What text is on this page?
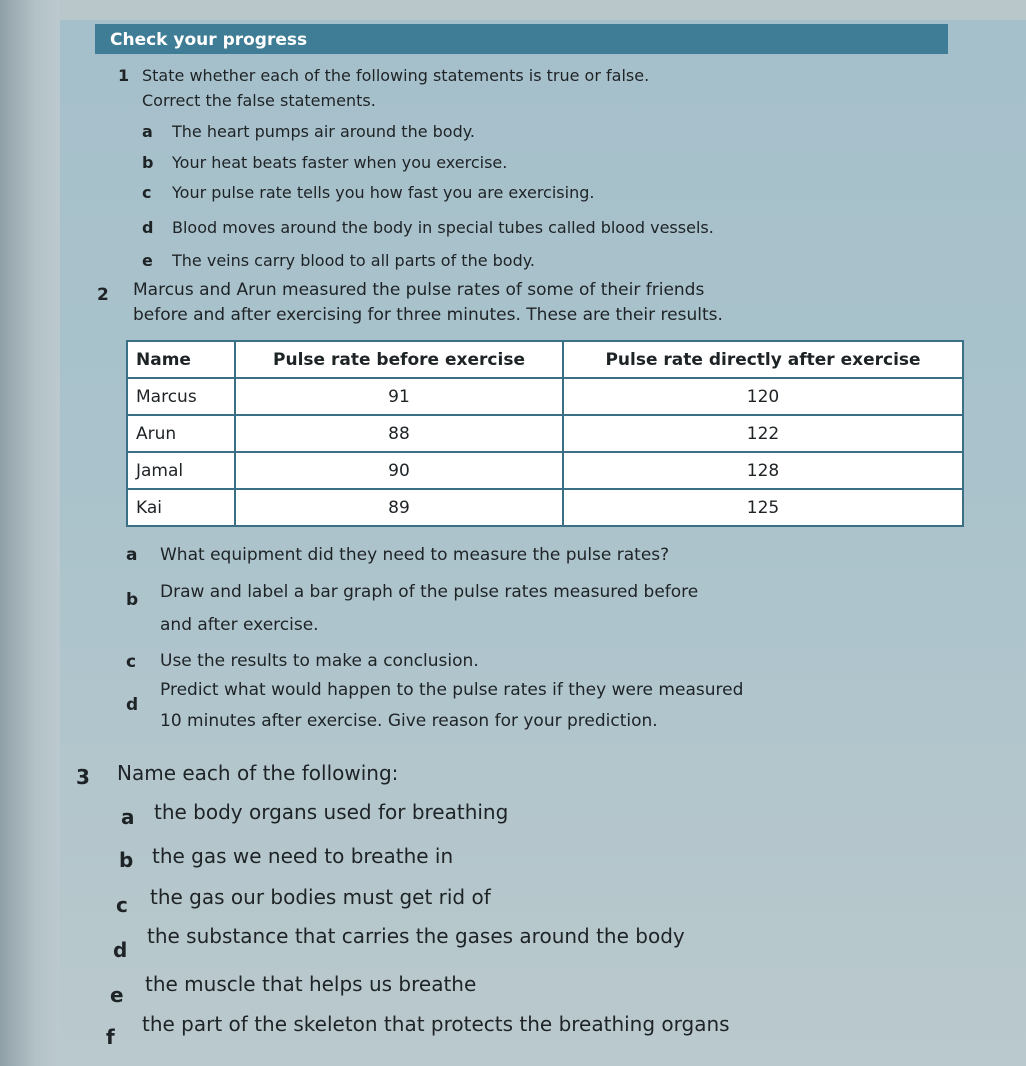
Check your progress
1 State whether each of the following statements is true or false.
Correct the false statements.
a The heart pumps air around the body.
b Your heat beats faster when you exercise.
c Your pulse rate tells you how fast you are exercising.
d Blood moves around the body in special tubes called blood vessels.
e The veins carry blood to all parts of the body.
2 Marcus and Arun measured the pulse rates of some of their friends
before and after exercising for three minutes. These are their results.
Name	Pulse rate before exercise	Pulse rate directly after exercise
Marcus	91	120
Arun	88	122
Jamal	90	128
Kai	89	125
a What equipment did they need to measure the pulse rates?
b Draw and label a bar graph of the pulse rates measured before
and after exercise.
c Use the results to make a conclusion.
d
Predict what would happen to the pulse rates if they were measured
10 minutes after exercise. Give reason for your prediction.
3 Name each of the following:
a the body organs used for breathing
b the gas we need to breathe in
c the gas our bodies must get rid of
d
the substance that carries the gases around the body
e the muscle that helps us breathe
f
the part of the skeleton that protects the breathing organs
